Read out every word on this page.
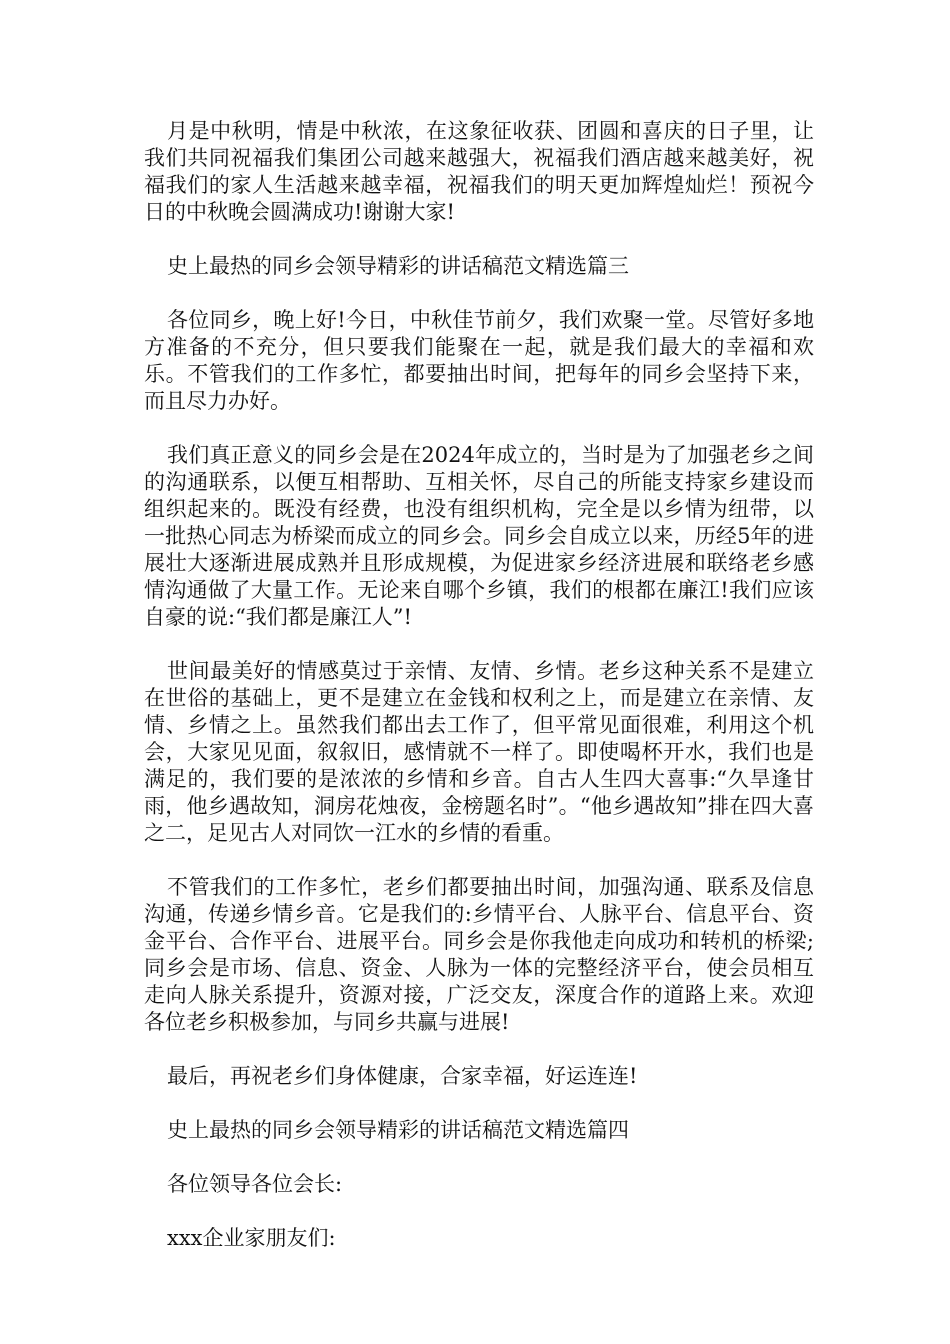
月是中秋明，情是中秋浓，在这象征收获、团圆和喜庆的日子里，让我们共同祝福我们集团公司越来越强大，祝福我们酒店越来越美好，祝福我们的家人生活越来越幸福，祝福我们的明天更加辉煌灿烂！预祝今日的中秋晚会圆满成功!谢谢大家!

史上最热的同乡会领导精彩的讲话稿范文精选篇三

各位同乡，晚上好!今日，中秋佳节前夕，我们欢聚一堂。尽管好多地方准备的不充分，但只要我们能聚在一起，就是我们最大的幸福和欢乐。不管我们的工作多忙，都要抽出时间，把每年的同乡会坚持下来，而且尽力办好。

我们真正意义的同乡会是在2024年成立的，当时是为了加强老乡之间的沟通联系，以便互相帮助、互相关怀，尽自己的所能支持家乡建设而组织起来的。既没有经费，也没有组织机构，完全是以乡情为纽带，以一批热心同志为桥梁而成立的同乡会。同乡会自成立以来，历经5年的进展壮大逐渐进展成熟并且形成规模，为促进家乡经济进展和联络老乡感情沟通做了大量工作。无论来自哪个乡镇，我们的根都在廉江!我们应该自豪的说:“我们都是廉江人”!

世间最美好的情感莫过于亲情、友情、乡情。老乡这种关系不是建立在世俗的基础上，更不是建立在金钱和权利之上，而是建立在亲情、友情、乡情之上。虽然我们都出去工作了，但平常见面很难，利用这个机会，大家见见面，叙叙旧，感情就不一样了。即使喝杯开水，我们也是满足的，我们要的是浓浓的乡情和乡音。自古人生四大喜事:“久旱逢甘雨，他乡遇故知，洞房花烛夜，金榜题名时”。“他乡遇故知”排在四大喜之二，足见古人对同饮一江水的乡情的看重。

不管我们的工作多忙，老乡们都要抽出时间，加强沟通、联系及信息沟通，传递乡情乡音。它是我们的:乡情平台、人脉平台、信息平台、资金平台、合作平台、进展平台。同乡会是你我他走向成功和转机的桥梁;同乡会是市场、信息、资金、人脉为一体的完整经济平台，使会员相互走向人脉关系提升，资源对接，广泛交友，深度合作的道路上来。欢迎各位老乡积极参加，与同乡共赢与进展!

最后，再祝老乡们身体健康，合家幸福，好运连连!

史上最热的同乡会领导精彩的讲话稿范文精选篇四

各位领导各位会长:

xxx企业家朋友们:
